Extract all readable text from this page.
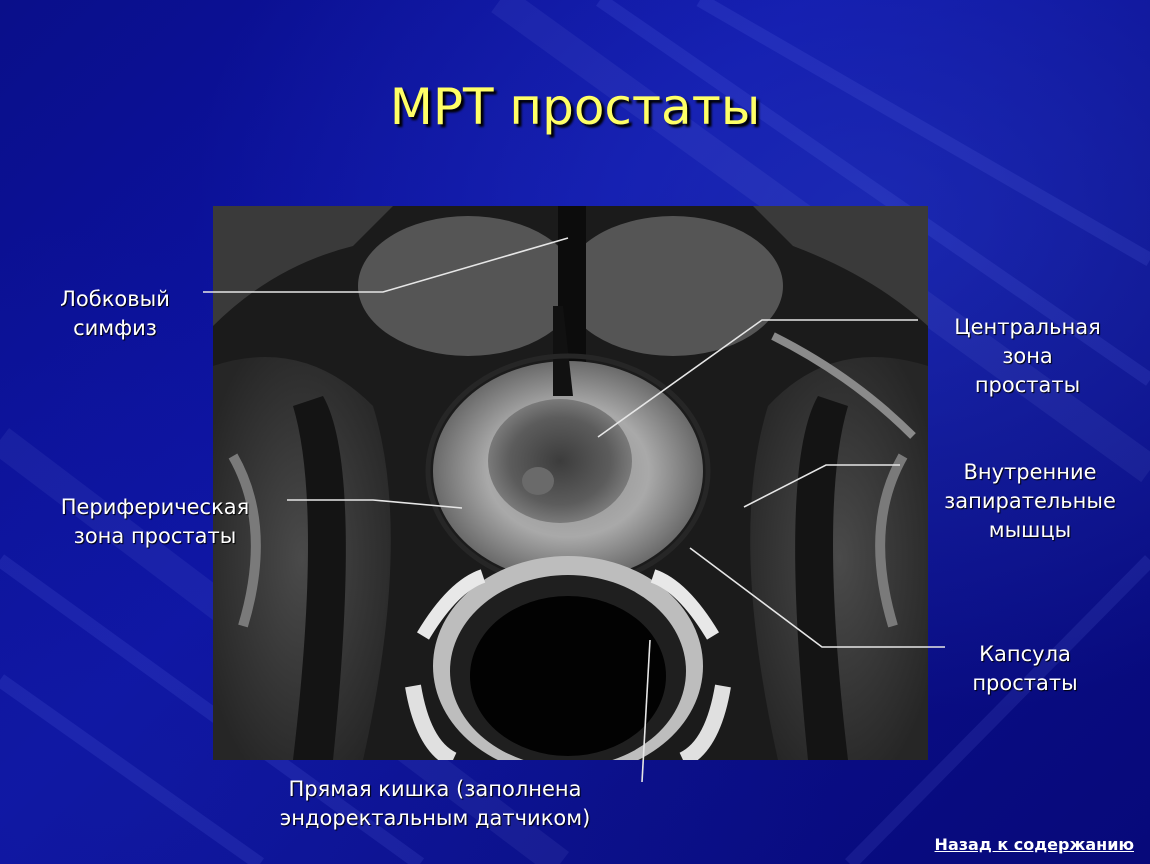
МРТ простаты
Лобковый
симфиз	Центральная
зона
простаты
Периферическая
зона простаты
Внутренние
запирательные
мышцы
Капсула
простаты
Прямая кишка (заполнена
эндоректальным датчиком)
Назад к содержанию
